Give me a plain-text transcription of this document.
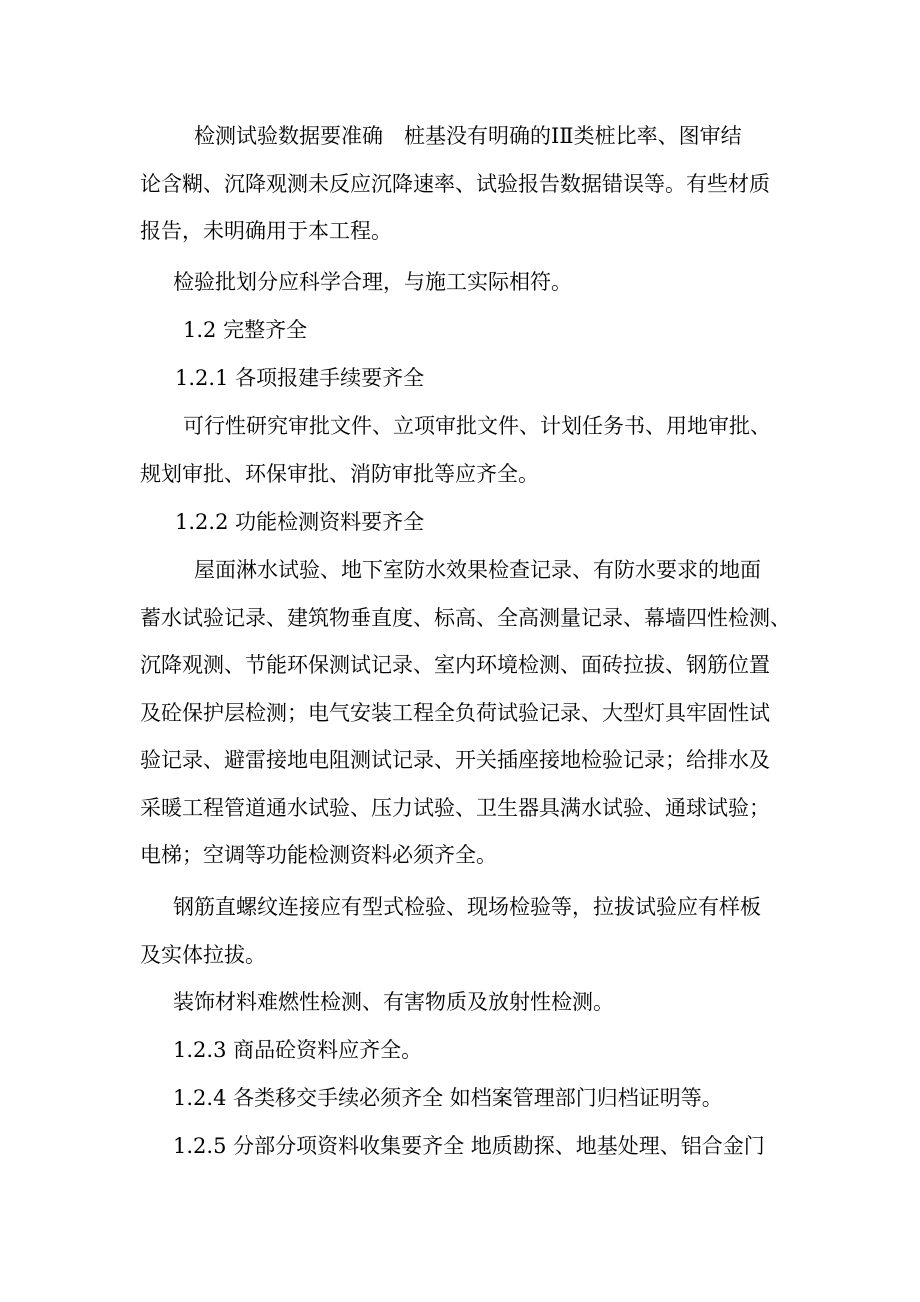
检测试验数据要准确　桩基没有明确的ⅠⅡ类桩比率、图审结
论含糊、沉降观测未反应沉降速率、试验报告数据错误等。有些材质
报告，未明确用于本工程。
检验批划分应科学合理，与施工实际相符。
1.2 完整齐全
1.2.1 各项报建手续要齐全
可行性研究审批文件、立项审批文件、计划任务书、用地审批、
规划审批、环保审批、消防审批等应齐全。
1.2.2 功能检测资料要齐全
屋面淋水试验、地下室防水效果检查记录、有防水要求的地面
蓄水试验记录、建筑物垂直度、标高、全高测量记录、幕墙四性检测、
沉降观测、节能环保测试记录、室内环境检测、面砖拉拔、钢筋位置
及砼保护层检测；电气安装工程全负荷试验记录、大型灯具牢固性试
验记录、避雷接地电阻测试记录、开关插座接地检验记录；给排水及
采暖工程管道通水试验、压力试验、卫生器具满水试验、通球试验；
电梯；空调等功能检测资料必须齐全。
钢筋直螺纹连接应有型式检验、现场检验等，拉拔试验应有样板
及实体拉拔。
装饰材料难燃性检测、有害物质及放射性检测。
1.2.3 商品砼资料应齐全。
1.2.4 各类移交手续必须齐全 如档案管理部门归档证明等。
1.2.5 分部分项资料收集要齐全 地质勘探、地基处理、铝合金门
